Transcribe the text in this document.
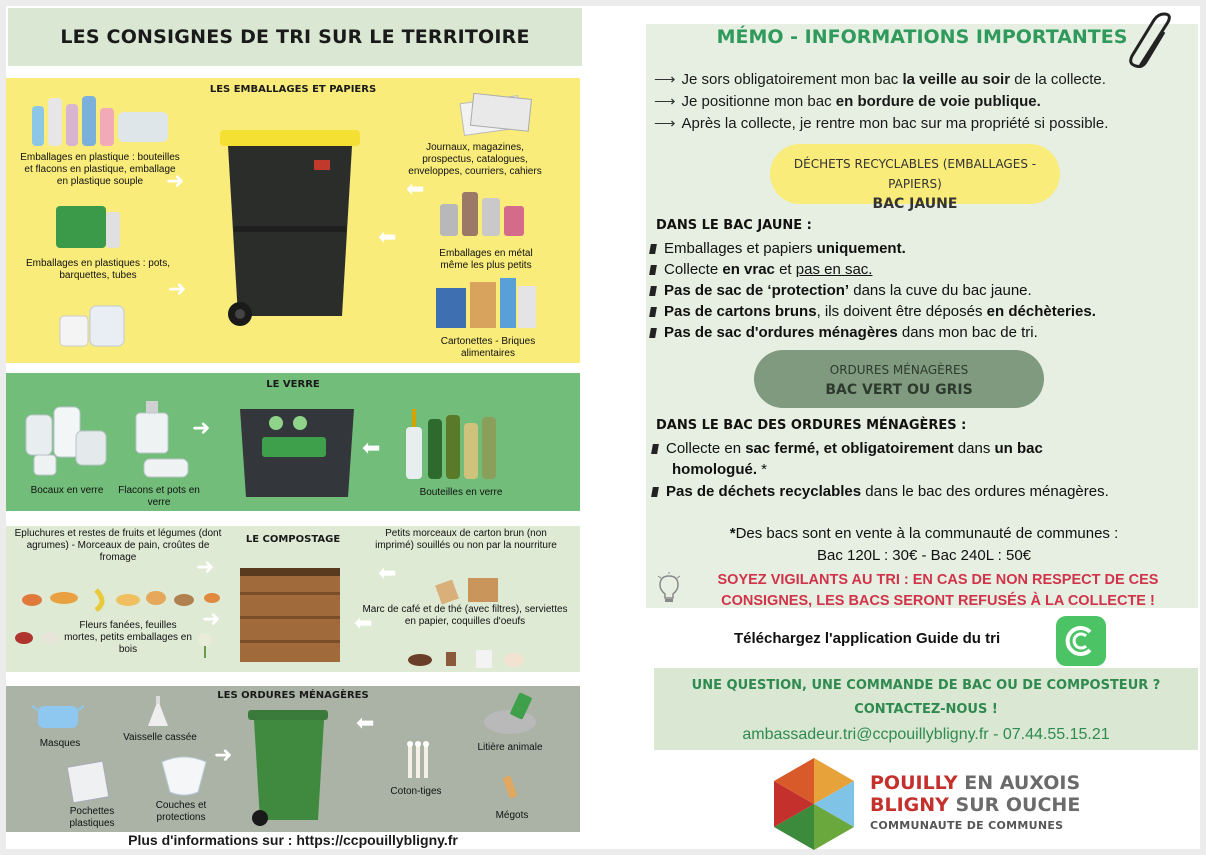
LES CONSIGNES DE TRI SUR LE TERRITOIRE
LES EMBALLAGES ET PAPIERS
Emballages en plastique : bouteilles et flacons en plastique, emballage en plastique souple
Emballages en plastiques : pots, barquettes, tubes
➜
➜
Journaux, magazines, prospectus, catalogues, enveloppes, courriers, cahiers
Emballages en métal même les plus petits
Cartonettes - Briques alimentaires
⬅
⬅
LE VERRE
Bocaux en verre	Flacons et pots en verre
➜
⬅
Bouteilles en verre
LE COMPOSTAGE
Epluchures et restes de fruits et légumes (dont agrumes) - Morceaux de pain, croûtes de fromage
Fleurs fanées, feuilles mortes, petits emballages en bois
➜
➜
⬅
⬅
Petits morceaux de carton brun (non imprimé) souillés ou non par la nourriture
Marc de café et de thé (avec filtres), serviettes en papier, coquilles d'oeufs
LES ORDURES MÉNAGÈRES
Masques
Vaisselle cassée
Pochettes plastiques
Couches et protections
➜
⬅
Litière animale
Coton-tiges
Mégots
Plus d'informations sur : https://ccpouillybligny.fr
MÉMO - INFORMATIONS IMPORTANTES
⟶ Je sors obligatoirement mon bac la veille au soir de la collecte.
⟶ Je positionne mon bac en bordure de voie publique.
⟶ Après la collecte, je rentre mon bac sur ma propriété si possible.
DÉCHETS RECYCLABLES (EMBALLAGES - PAPIERS)
BAC JAUNE
DANS LE BAC JAUNE :
Emballages et papiers uniquement.
Collecte en vrac et pas en sac.
Pas de sac de ‘protection’ dans la cuve du bac jaune.
Pas de cartons bruns, ils doivent être déposés en déchèteries.
Pas de sac d'ordures ménagères dans mon bac de tri.
ORDURES MÉNAGÈRES
BAC VERT OU GRIS
DANS LE BAC DES ORDURES MÉNAGÈRES :
Collecte en sac fermé, et obligatoirement dans un bac
homologué. *
Pas de déchets recyclables dans le bac des ordures ménagères.
*Des bacs sont en vente à la communauté de communes :
Bac 120L : 30€ - Bac 240L : 50€
SOYEZ VIGILANTS AU TRI : EN CAS DE NON RESPECT DE CES
CONSIGNES, LES BACS SERONT REFUSÉS À LA COLLECTE !
Téléchargez l'application Guide du tri
UNE QUESTION, UNE COMMANDE DE BAC OU DE COMPOSTEUR ?
CONTACTEZ-NOUS !
ambassadeur.tri@ccpouillybligny.fr - 07.44.55.15.21
POUILLY EN AUXOIS
BLIGNY SUR OUCHE
COMMUNAUTE DE COMMUNES
